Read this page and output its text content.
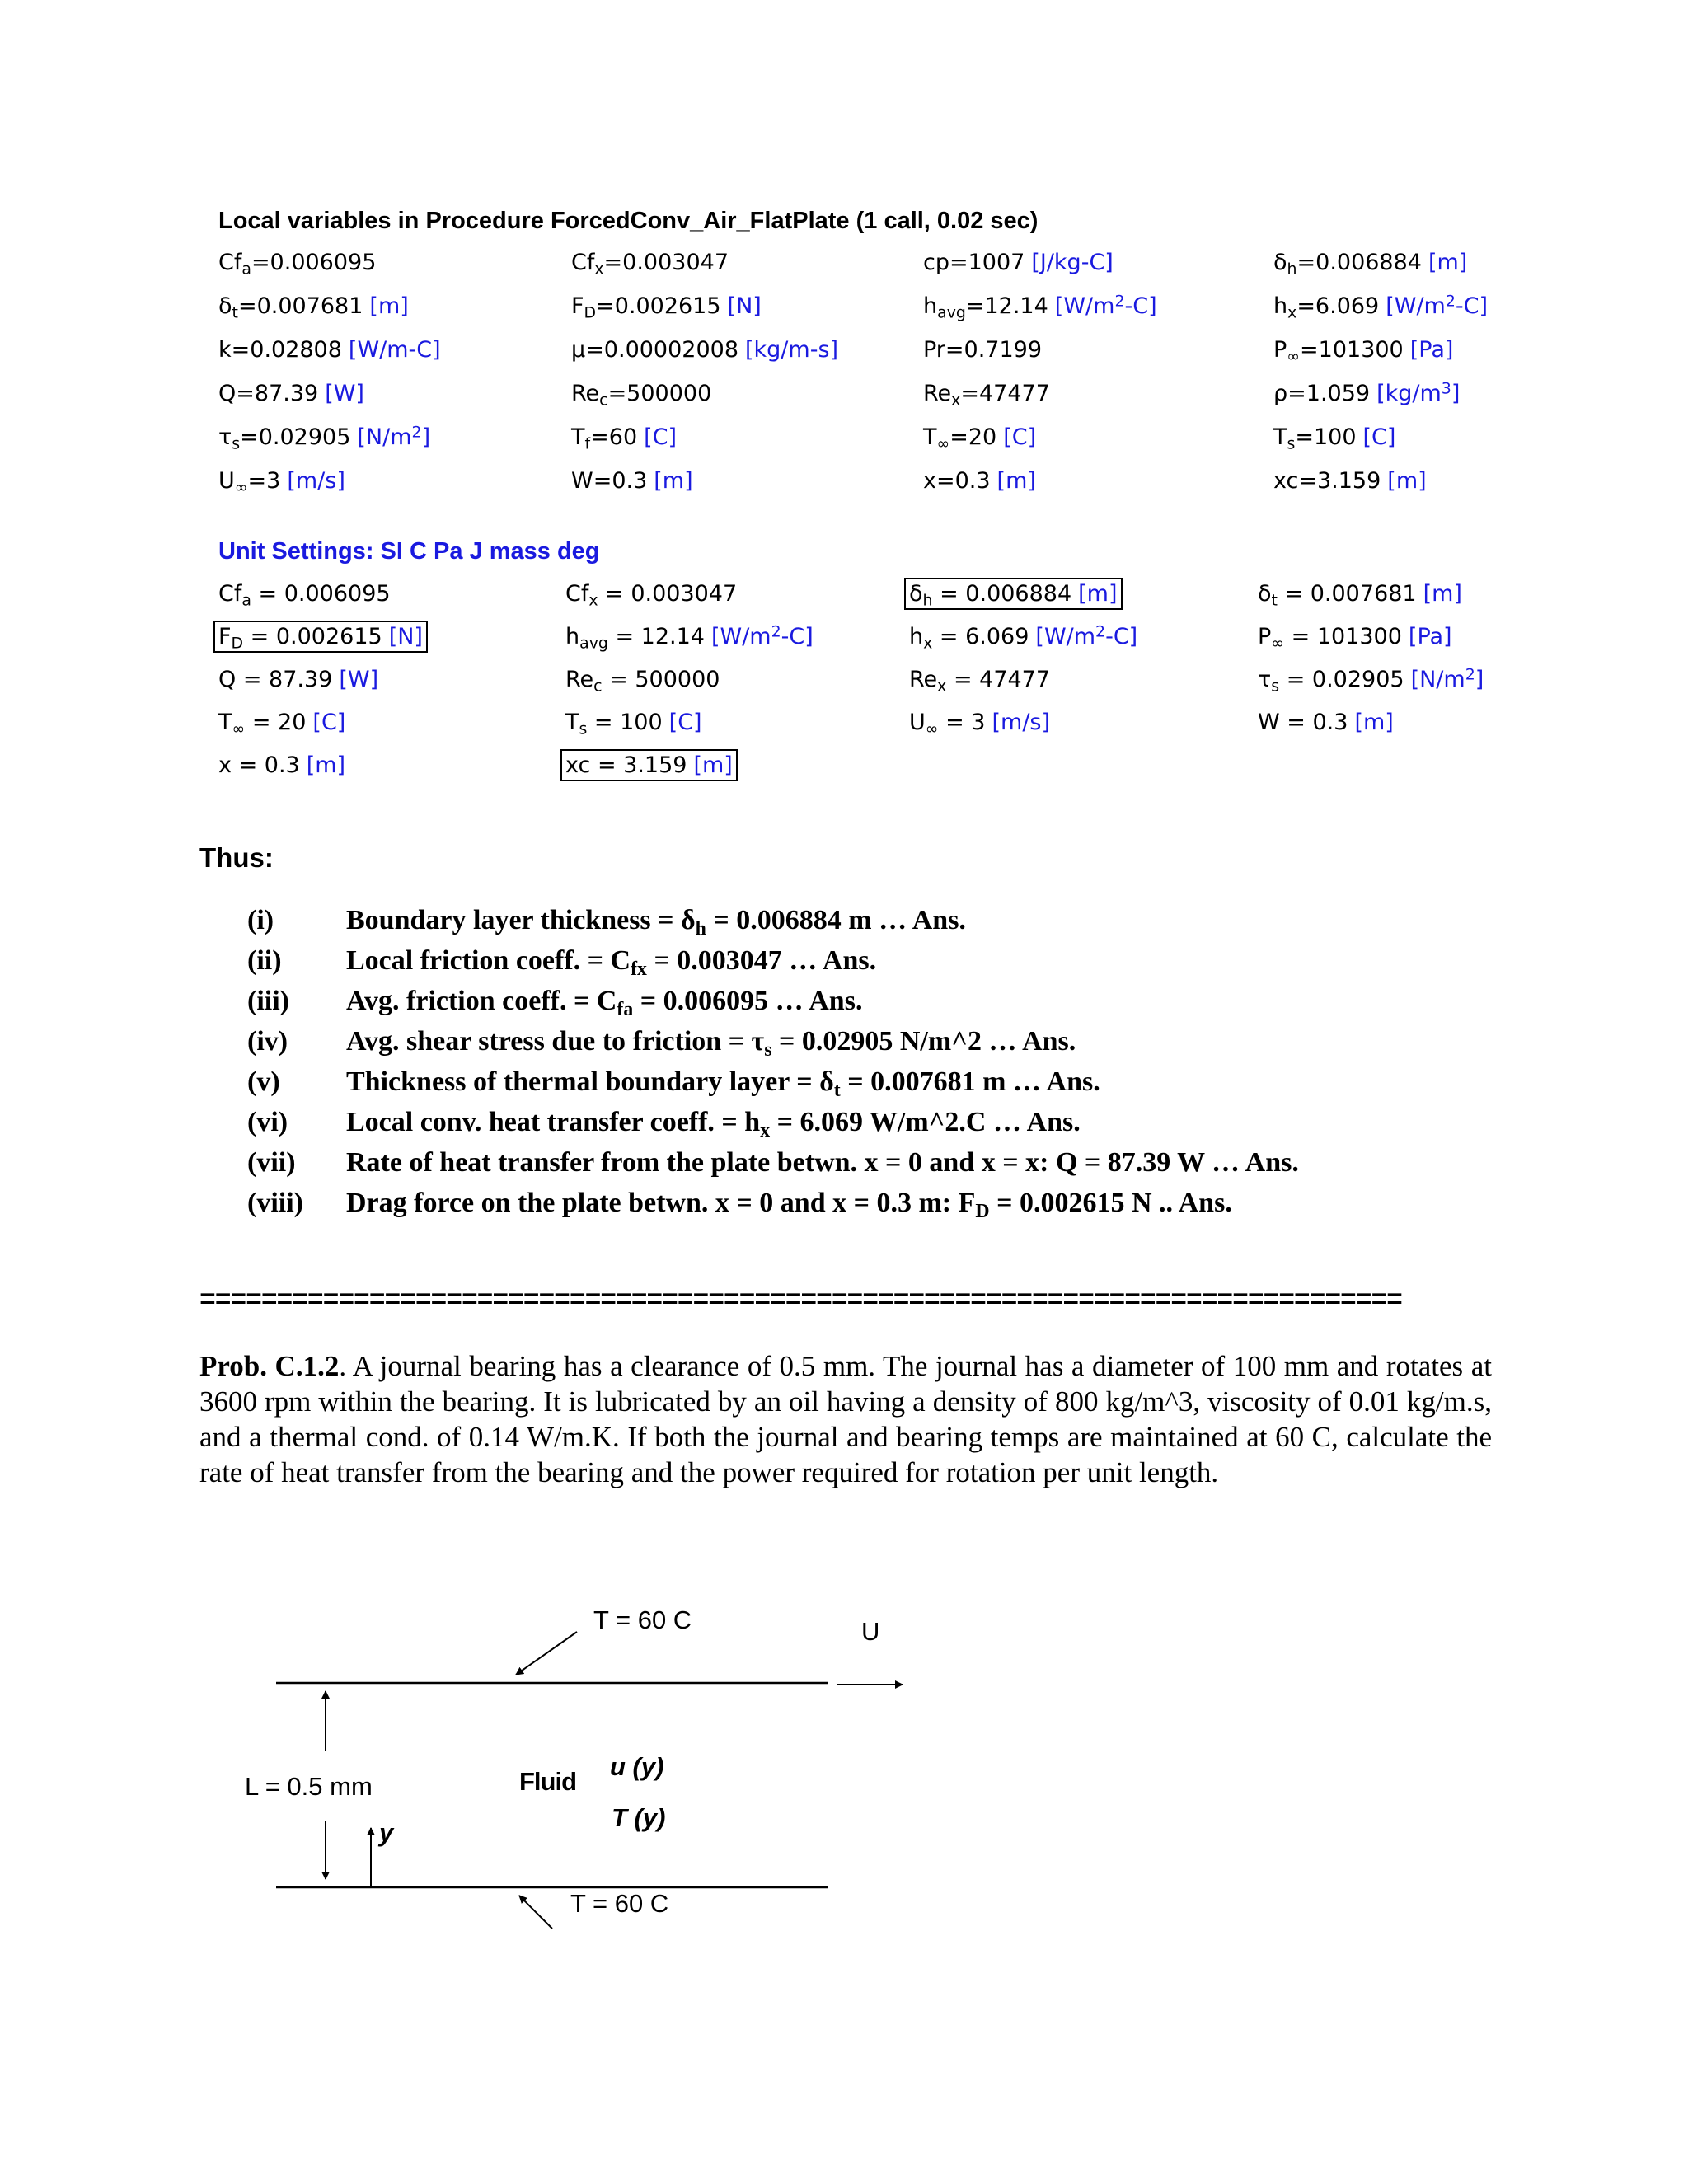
Local variables in Procedure ForcedConv_Air_FlatPlate (1 call, 0.02 sec)
$Cf_a=0.006095$	$Cf_x=0.003047$	cp=1007 [J/kg-C]	$\delta_h=0.006884$ [m]
$\delta_t=0.007681$ [m]	$F_D=0.002615$ [N]	$h_{avg}=12.14$ $[W/m^2-C]$	$h_x=6.069$ $[W/m^2-C]$
k=0.02808 [W/m-C]	μ=0.00002008 [kg/m-s]	Pr=0.7199	$P_\infty=101300$ [Pa]
Q=87.39 [W]	$Re_c=500000$	$Re_x=47477$	ρ=1.059 $[kg/m^3]$
$\tau_s=0.02905$ $[N/m^2]$	$T_f=60$ [C]	$T_\infty=20$ [C]	$T_s=100$ [C]
$U_\infty=3$ [m/s]	W=0.3 [m]	x=0.3 [m]	xc=3.159 [m]
Unit Settings: SI C Pa J mass deg
$Cf_a = 0.006095$	$Cf_x = 0.003047$	$\delta_h = 0.006884$ [m]	$\delta_t = 0.007681$ [m]
$F_D = 0.002615$ [N]	$h_{avg} = 12.14$ $[W/m^2-C]$	$h_x = 6.069$ $[W/m^2-C]$	$P_\infty = 101300$ [Pa]
Q = 87.39 [W]	$Re_c = 500000$	$Re_x = 47477$	$\tau_s = 0.02905$ $[N/m^2]$
$T_\infty = 20$ [C]	$T_s = 100$ [C]	$U_\infty = 3$ [m/s]	W = 0.3 [m]
x = 0.3 [m]	xc = 3.159 [m]
Thus:
(i)	Boundary layer thickness = $\delta_h = 0.006884$ m … Ans.
(ii) Local friction coeff. = $C_{fx} = 0.003047$ … Ans.
(iii) Avg. friction coeff. = $C_{fa} = 0.006095$ … Ans.
(iv) Avg. shear stress due to friction = $\tau_s = 0.02905$ N/m^2 … Ans.
(v) Thickness of thermal boundary layer = $\delta_t = 0.007681$ m … Ans.
(vi) Local conv. heat transfer coeff. = $h_x = 6.069$ W/m^2.C … Ans.
(vii) Rate of heat transfer from the plate betwn. x = 0 and x = x: Q = 87.39 W … Ans.
(viii) Drag force on the plate betwn. x = 0 and x = 0.3 m: $F_D = 0.002615$ N .. Ans.
==============================================================================
Prob. C.1.2. A journal bearing has a clearance of 0.5 mm. The journal has a diameter of 100 mm and rotates at 3600 rpm within the bearing. It is lubricated by an oil having a density of 800 kg/m^3, viscosity of 0.01 kg/m.s, and a thermal cond. of 0.14 W/m.K. If both the journal and bearing temps are maintained at 60 C, calculate the rate of heat transfer from the bearing and the power required for rotation per unit length.
T = 60 C	U
L = 0.5 mm	Fluid
u (y)
T (y)
y
T = 60 C
